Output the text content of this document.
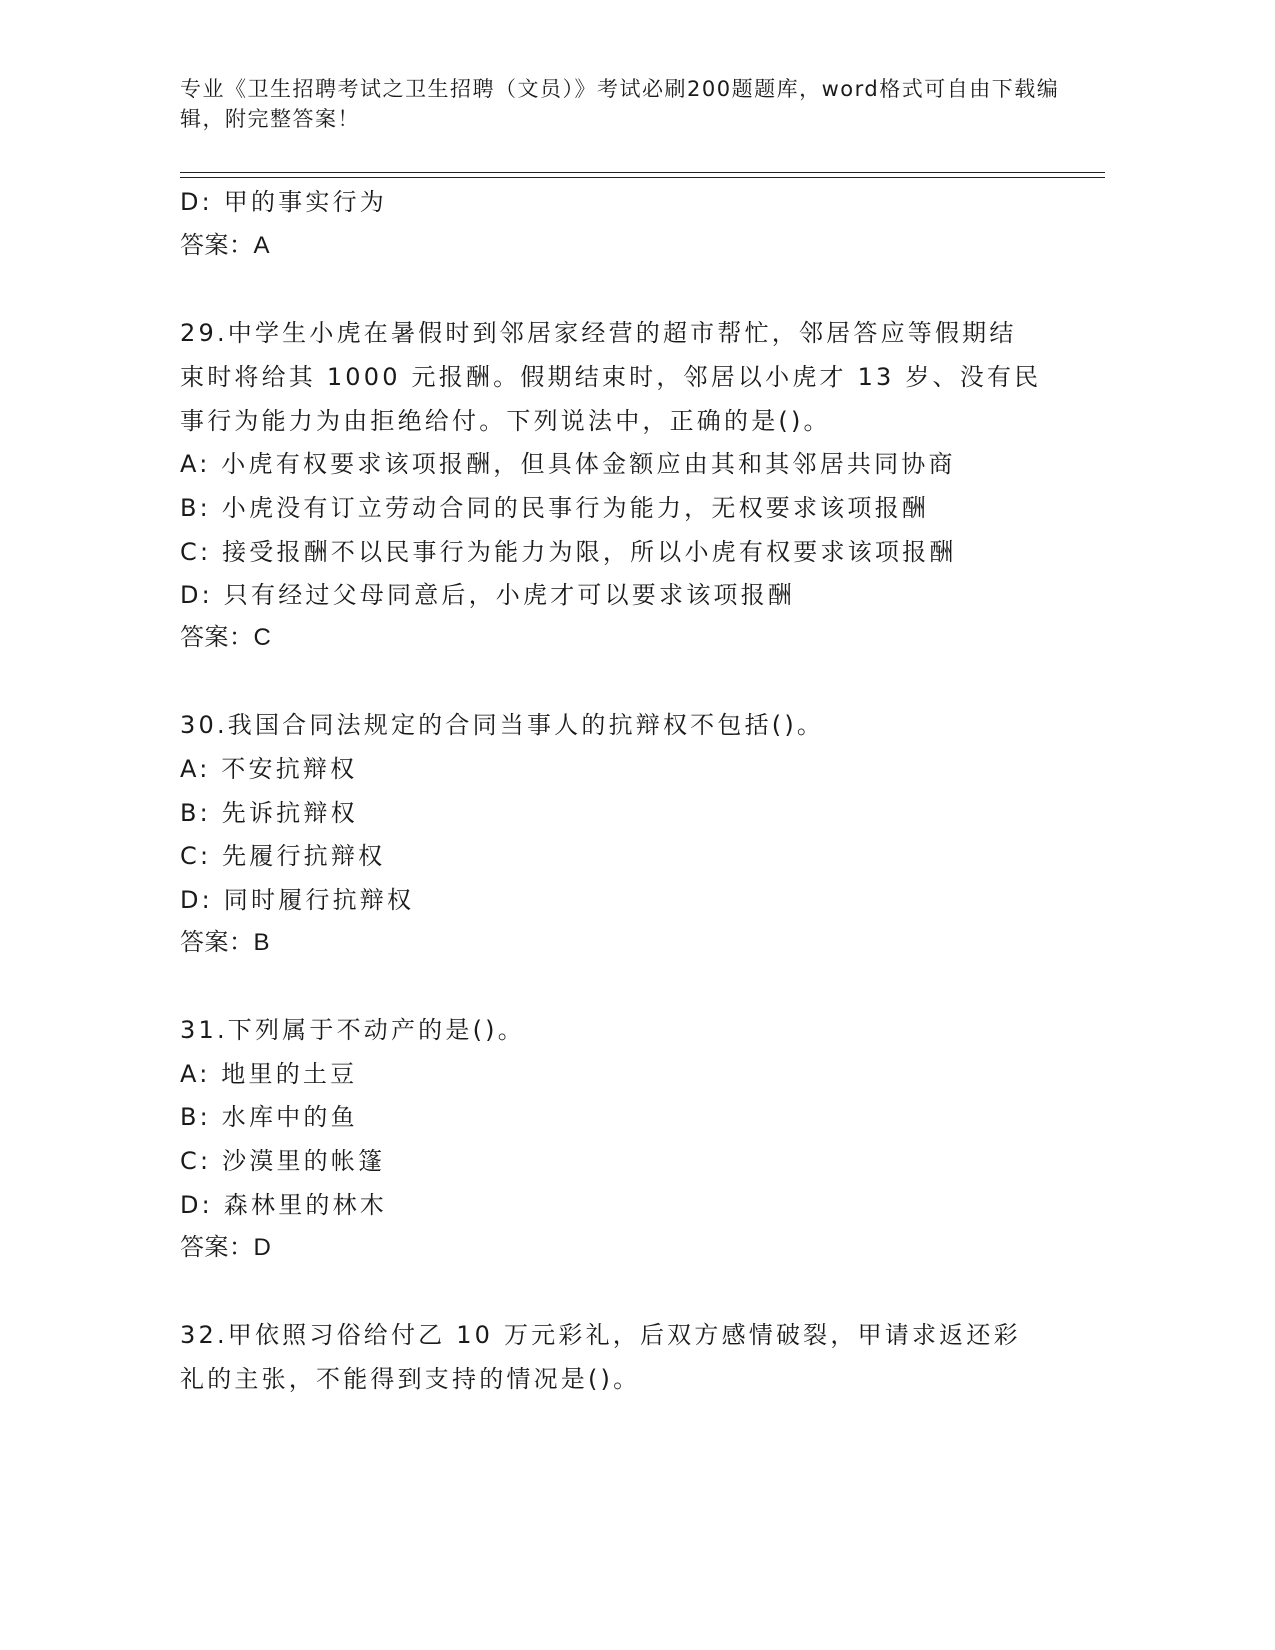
专业《卫生招聘考试之卫生招聘（文员）》考试必刷200题题库，word格式可自由下载编辑，附完整答案！
D: 甲的事实行为
答案：A
29.中学生小虎在暑假时到邻居家经营的超市帮忙，邻居答应等假期结
束时将给其 1000 元报酬。假期结束时，邻居以小虎才 13 岁、没有民
事行为能力为由拒绝给付。下列说法中，正确的是()。
A: 小虎有权要求该项报酬，但具体金额应由其和其邻居共同协商
B: 小虎没有订立劳动合同的民事行为能力，无权要求该项报酬
C: 接受报酬不以民事行为能力为限，所以小虎有权要求该项报酬
D: 只有经过父母同意后，小虎才可以要求该项报酬
答案：C
30.我国合同法规定的合同当事人的抗辩权不包括()。
A: 不安抗辩权
B: 先诉抗辩权
C: 先履行抗辩权
D: 同时履行抗辩权
答案：B
31.下列属于不动产的是()。
A: 地里的土豆
B: 水库中的鱼
C: 沙漠里的帐篷
D: 森林里的林木
答案：D
32.甲依照习俗给付乙 10 万元彩礼，后双方感情破裂，甲请求返还彩
礼的主张，不能得到支持的情况是()。
